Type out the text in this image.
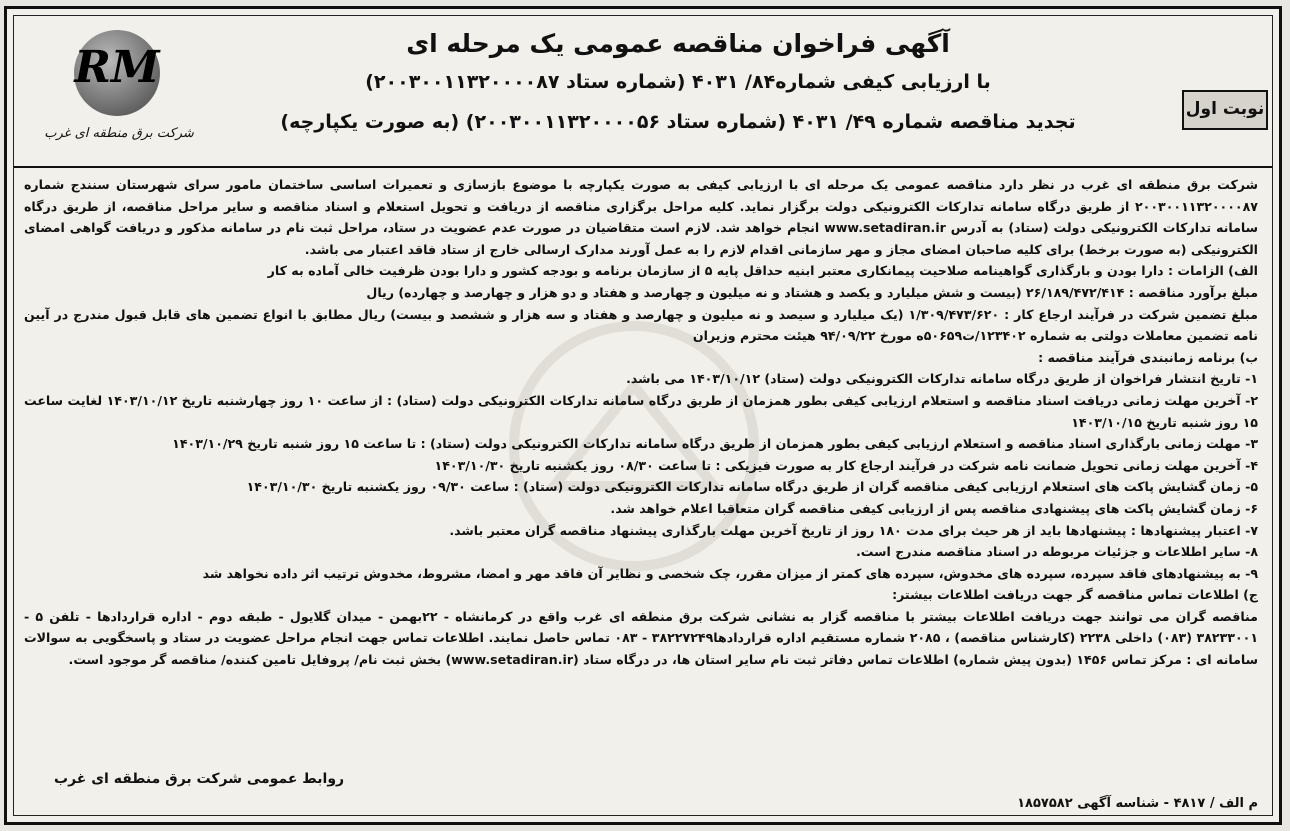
RM
شرکت برق منطقه ای غرب
آگهی فراخوان مناقصه عمومی یک مرحله ای
با ارزیابی کیفی شماره۸۴/ ۴۰۳۱ (شماره ستاد ۲۰۰۳۰۰۱۱۳۲۰۰۰۰۸۷)
تجدید مناقصه شماره ۴۹/ ۴۰۳۱ (شماره ستاد ۲۰۰۳۰۰۱۱۳۲۰۰۰۰۵۶) (به صورت یکپارچه)
نوبت اول

شرکت برق منطقه ای غرب در نظر دارد مناقصه عمومی یک مرحله ای با ارزیابی کیفی به صورت یکپارچه با موضوع بازسازی و تعمیرات اساسی ساختمان مامور سرای شهرستان سنندج شماره ۲۰۰۳۰۰۱۱۳۲۰۰۰۰۸۷ از طریق درگاه سامانه تدارکات الکترونیکی دولت برگزار نماید. کلیه مراحل برگزاری مناقصه از دریافت و تحویل استعلام و اسناد مناقصه و سایر مراحل مناقصه، از طریق درگاه سامانه تدارکات الکترونیکی دولت (ستاد) به آدرس www.setadiran.ir انجام خواهد شد. لازم است متقاضیان در صورت عدم عضویت در ستاد، مراحل ثبت نام در سامانه مذکور و دریافت گواهی امضای الکترونیکی (به صورت برخط) برای کلیه صاحبان امضای مجاز و مهر سازمانی اقدام لازم را به عمل آورند مدارک ارسالی خارج از ستاد فاقد اعتبار می باشد.

الف) الزامات : دارا بودن و بارگذاری گواهینامه صلاحیت پیمانکاری معتبر ابنیه حداقل پایه ۵ از سازمان برنامه و بودجه کشور و دارا بودن ظرفیت خالی آماده به کار

مبلغ برآورد مناقصه : ۲۶/۱۸۹/۴۷۲/۴۱۴ (بیست و شش میلیارد و یکصد و هشتاد و نه میلیون و چهارصد و هفتاد و دو هزار و چهارصد و چهارده) ریال

مبلغ تضمین شرکت در فرآیند ارجاع کار : ۱/۳۰۹/۴۷۳/۶۲۰ (یک میلیارد و سیصد و نه میلیون و چهارصد و هفتاد و سه هزار و ششصد و بیست) ریال مطابق با انواع تضمین های قابل قبول مندرج در آیین نامه تضمین معاملات دولتی به شماره ۱۲۳۴۰۲/ت۵۰۶۵۹ه مورخ ۹۴/۰۹/۲۲ هیئت محترم وزیران

ب) برنامه زمانبندی فرآیند مناقصه :

۱- تاریخ انتشار فراخوان از طریق درگاه سامانه تدارکات الکترونیکی دولت (ستاد) ۱۴۰۳/۱۰/۱۲ می باشد.

۲- آخرین مهلت زمانی دریافت اسناد مناقصه و استعلام ارزیابی کیفی بطور همزمان از طریق درگاه سامانه تدارکات الکترونیکی دولت (ستاد) : از ساعت ۱۰ روز چهارشنبه تاریخ ۱۴۰۳/۱۰/۱۲ لغایت ساعت ۱۵ روز شنبه تاریخ ۱۴۰۳/۱۰/۱۵

۳- مهلت زمانی بارگذاری اسناد مناقصه و استعلام ارزیابی کیفی بطور همزمان از طریق درگاه سامانه تدارکات الکترونیکی دولت (ستاد) : تا ساعت ۱۵ روز شنبه تاریخ ۱۴۰۳/۱۰/۲۹

۴- آخرین مهلت زمانی تحویل ضمانت نامه شرکت در فرآیند ارجاع کار به صورت فیزیکی : تا ساعت ۰۸/۳۰ روز یکشنبه تاریخ ۱۴۰۳/۱۰/۳۰

۵- زمان گشایش پاکت های استعلام ارزیابی کیفی مناقصه گران از طریق درگاه سامانه تدارکات الکترونیکی دولت (ستاد) : ساعت ۰۹/۳۰ روز یکشنبه تاریخ ۱۴۰۳/۱۰/۳۰

۶- زمان گشایش پاکت های پیشنهادی مناقصه پس از ارزیابی کیفی مناقصه گران متعاقبا اعلام خواهد شد.

۷- اعتبار پیشنهادها : پیشنهادها باید از هر حیث برای مدت ۱۸۰ روز از تاریخ آخرین مهلت بارگذاری پیشنهاد مناقصه گران معتبر باشد.

۸- سایر اطلاعات و جزئیات مربوطه در اسناد مناقصه مندرج است.

۹- به پیشنهادهای فاقد سپرده، سپرده های مخدوش، سپرده های کمتر از میزان مقرر، چک شخصی و نظایر آن فاقد مهر و امضا، مشروط، مخدوش ترتیب اثر داده نخواهد شد

ج) اطلاعات تماس مناقصه گر جهت دریافت اطلاعات بیشتر:

مناقصه گران می توانند جهت دریافت اطلاعات بیشتر با مناقصه گزار به نشانی شرکت برق منطقه ای غرب واقع در کرمانشاه - ۲۲بهمن - میدان گلایول - طبقه دوم - اداره قراردادها - تلفن ۵ - ۳۸۲۳۳۰۰۱ (۰۸۳) داخلی ۲۲۳۸ (کارشناس مناقصه) ، ۲۰۸۵ شماره مستقیم اداره قراردادها۳۸۲۲۷۲۴۹ - ۰۸۳ تماس حاصل نمایند. اطلاعات تماس جهت انجام مراحل عضویت در ستاد و پاسخگویی به سوالات سامانه ای : مرکز تماس ۱۴۵۶ (بدون پیش شماره) اطلاعات تماس دفاتر ثبت نام سایر استان ها، در درگاه ستاد (www.setadiran.ir) بخش ثبت نام/ پروفایل تامین کننده/ مناقصه گر موجود است.

م الف / ۴۸۱۷ - شناسه آگهی ۱۸۵۷۵۸۲
روابط عمومی شرکت برق منطقه ای غرب
